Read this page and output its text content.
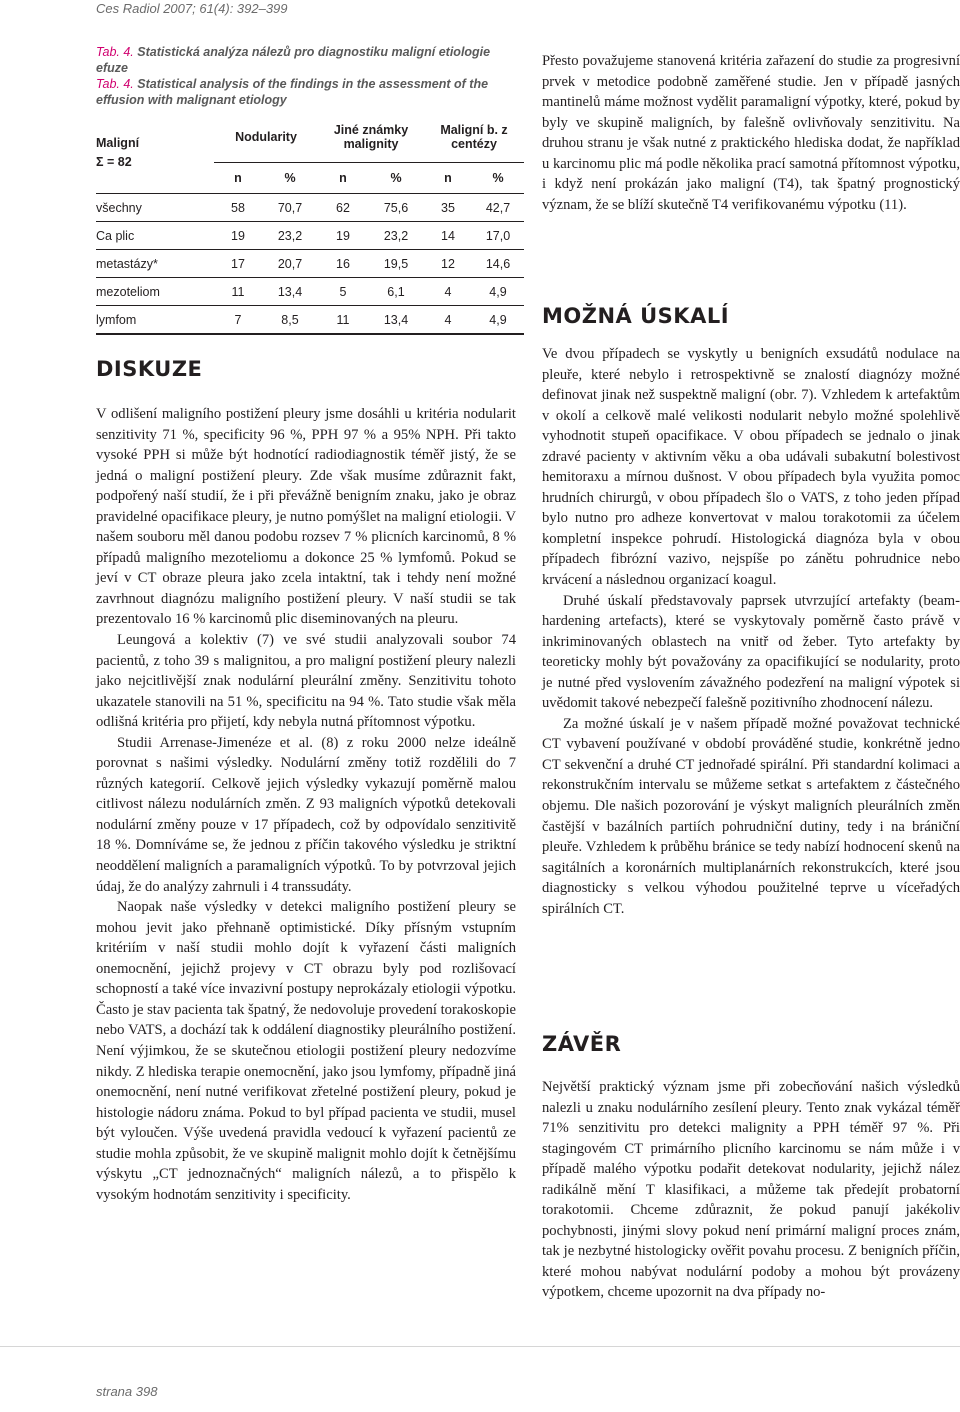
Ces Radiol 2007; 61(4): 392–399
Tab. 4. Statistická analýza nálezů pro diagnostiku maligní etiologie efuze
Tab. 4. Statistical analysis of the findings in the assessment of the effusion with malignant etiology
Maligní
Σ = 82	Nodularity		Jiné známky malignity		Maligní b. z centézy	
	n	%	n	%	n	%
všechny	58	70,7	62	75,6	35	42,7
Ca plic	19	23,2	19	23,2	14	17,0
metastázy*	17	20,7	16	19,5	12	14,6
mezoteliom	11	13,4	5	6,1	4	4,9
lymfom	7	8,5	11	13,4	4	4,9
DISKUZE

V odlišení maligního postižení pleury jsme dosáhli u kritéria nodularit senzitivity 71 %, specificity 96 %, PPH 97 % a 95% NPH. Při takto vysoké PPH si může být hodnotící radiodiagnostik téměř jistý, že se jedná o maligní postižení pleury. Zde však musíme zdůraznit fakt, podpořený naší studií, že i při převážně benigním znaku, jako je obraz pravidelné opacifikace pleury, je nutno pomýšlet na maligní etiologii. V našem souboru měl danou podobu rozsev 7 % plicních karcinomů, 8 % případů maligního mezoteliomu a dokonce 25 % lymfomů. Pokud se jeví v CT obraze pleura jako zcela intaktní, tak i tehdy není možné zavrhnout diagnózu maligního postižení pleury. V naší studii se tak prezentovalo 16 % karcinomů plic diseminovaných na pleuru.

Leungová a kolektiv (7) ve své studii analyzovali soubor 74 pacientů, z toho 39 s malignitou, a pro maligní postižení pleury nalezli jako nejcitlivější znak nodulární pleurální změny. Senzitivitu tohoto ukazatele stanovili na 51 %, specificitu na 94 %. Tato studie však měla odlišná kritéria pro přijetí, kdy nebyla nutná přítomnost výpotku.

Studii Arrenase-Jimenéze et al. (8) z roku 2000 nelze ideálně porovnat s našimi výsledky. Nodulární změny totiž rozdělili do 7 různých kategorií. Celkově jejich výsledky vykazují poměrně malou citlivost nálezu nodulárních změn. Z 93 maligních výpotků detekovali nodulární změny pouze v 17 případech, což by odpovídalo senzitivitě 18 %. Domníváme se, že jednou z příčin takového výsledku je striktní neoddělení maligních a paramaligních výpotků. To by potvrzoval jejich údaj, že do analýzy zahrnuli i 4 transsudáty.

Naopak naše výsledky v detekci maligního postižení pleury se mohou jevit jako přehnaně optimistické. Díky přísným vstupním kritériím v naší studii mohlo dojít k vyřazení části maligních onemocnění, jejichž projevy v CT obrazu byly pod rozlišovací schopností a také více invazivní postupy neprokázaly etiologii výpotku. Často je stav pacienta tak špatný, že nedovoluje provedení torakoskopie nebo VATS, a dochází tak k oddálení diagnostiky pleurálního postižení. Není výjimkou, že se skutečnou etiologii postižení pleury nedozvíme nikdy. Z hlediska terapie onemocnění, jako jsou lymfomy, případně jiná onemocnění, není nutné verifikovat zřetelné postižení pleury, pokud je histologie nádoru známa. Pokud to byl případ pacienta ve studii, musel být vyloučen. Výše uvedená pravidla vedoucí k vyřazení pacientů ze studie mohla způsobit, že ve skupině malignit mohlo dojít k četnějšímu výskytu „CT jednoznačných“ maligních nálezů, a to přispělo k vysokým hodnotám senzitivity i specificity.

Přesto považujeme stanovená kritéria zařazení do studie za progresivní prvek v metodice podobně zaměřené studie. Jen v případě jasných mantinelů máme možnost vydělit paramaligní výpotky, které, pokud by byly ve skupině maligních, by falešně ovlivňovaly senzitivitu. Na druhou stranu je však nutné z praktického hlediska dodat, že například u karcinomu plic má podle několika prací samotná přítomnost výpotku, i když není prokázán jako maligní (T4), tak špatný prognostický význam, že se blíží skutečně T4 verifikovanému výpotku (11).

MOŽNÁ ÚSKALÍ

Ve dvou případech se vyskytly u benigních exsudátů nodulace na pleuře, které nebylo i retrospektivně se znalostí diagnózy možné definovat jinak než suspektně maligní (obr. 7). Vzhledem k artefaktům v okolí a celkově malé velikosti nodularit nebylo možné spolehlivě vyhodnotit stupeň opacifikace. V obou případech se jednalo o jinak zdravé pacienty v aktivním věku a oba udávali subakutní bolestivost hemitoraxu a mírnou dušnost. V obou případech byla využita pomoc hrudních chirurgů, v obou případech šlo o VATS, z toho jeden případ bylo nutno pro adheze konvertovat v malou torakotomii za účelem kompletní inspekce pohrudí. Histologická diagnóza byla v obou případech fibrózní vazivo, nejspíše po zánětu pohrudnice nebo krvácení a následnou organizací koagul.

Druhé úskalí představovaly paprsek utvrzující artefakty (beam-hardening artefacts), které se vyskytovaly poměrně často právě v inkriminovaných oblastech na vnitř od žeber. Tyto artefakty by teoreticky mohly být považovány za opacifikující se nodularity, proto je nutné před vyslovením závažného podezření na maligní výpotek si uvědomit takové nebezpečí falešně pozitivního zhodnocení nálezu.

Za možné úskalí je v našem případě možné považovat technické CT vybavení používané v období prováděné studie, konkrétně jedno CT sekvenční a druhé CT jednořadé spirální. Při standardní kolimaci a rekonstrukčním intervalu se můžeme setkat s artefaktem z částečného objemu. Dle našich pozorování je výskyt maligních pleurálních změn častější v bazálních partiích pohrudniční dutiny, tedy i na brániční pleuře. Vzhledem k průběhu bránice se tedy nabízí hodnocení skenů na sagitálních a koronárních multiplanárních rekonstrukcích, které jsou diagnosticky s velkou výhodou použitelné teprve u víceřadých spirálních CT.

ZÁVĚR

Největší praktický význam jsme při zobecňování našich výsledků nalezli u znaku nodulárního zesílení pleury. Tento znak vykázal téměř 71% senzitivitu pro detekci malignity a PPH téměř 97 %. Při stagingovém CT primárního plicního karcinomu se nám může i v případě malého výpotku podařit detekovat nodularity, jejichž nález radikálně mění T klasifikaci, a můžeme tak předejít probatorní torakotomii. Chceme zdůraznit, že pokud panují jakékoliv pochybnosti, jinými slovy pokud není primární maligní proces znám, tak je nezbytné histologicky ověřit povahu procesu. Z benigních příčin, které mohou nabývat nodulární podoby a mohou být provázeny výpotkem, chceme upozornit na dva případy no-

strana 398
